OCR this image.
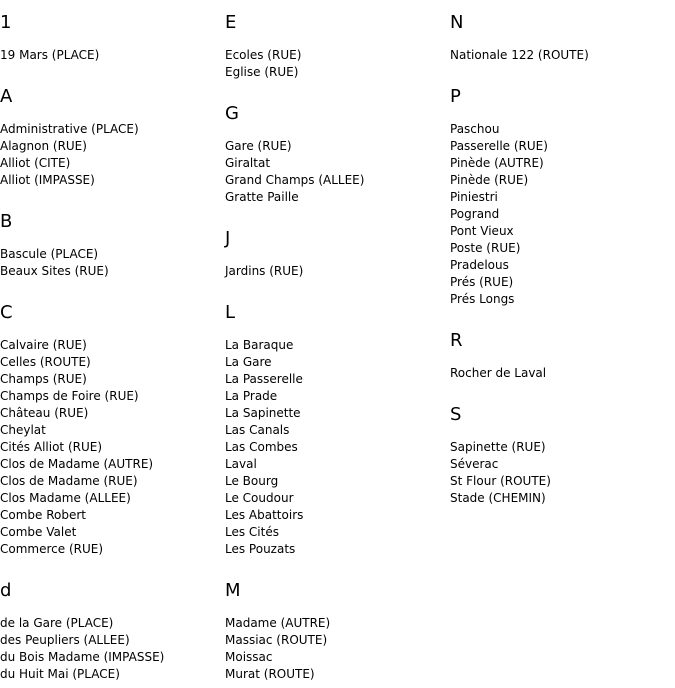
1
19 Mars (PLACE)
A
Administrative (PLACE)
Alagnon (RUE)
Alliot (CITE)
Alliot (IMPASSE)
B
Bascule (PLACE)
Beaux Sites (RUE)
C
Calvaire (RUE)
Celles (ROUTE)
Champs (RUE)
Champs de Foire (RUE)
Château (RUE)
Cheylat
Cités Alliot (RUE)
Clos de Madame (AUTRE)
Clos de Madame (RUE)
Clos Madame (ALLEE)
Combe Robert
Combe Valet
Commerce (RUE)
d
de la Gare (PLACE)
des Peupliers (ALLEE)
du Bois Madame (IMPASSE)
du Huit Mai (PLACE)
E
Ecoles (RUE)
Eglise (RUE)
G
Gare (RUE)
Giraltat
Grand Champs (ALLEE)
Gratte Paille
J
Jardins (RUE)
L
La Baraque
La Gare
La Passerelle
La Prade
La Sapinette
Las Canals
Las Combes
Laval
Le Bourg
Le Coudour
Les Abattoirs
Les Cités
Les Pouzats
M
Madame (AUTRE)
Massiac (ROUTE)
Moissac
Murat (ROUTE)
N
Nationale 122 (ROUTE)
P
Paschou
Passerelle (RUE)
Pinède (AUTRE)
Pinède (RUE)
Piniestri
Pogrand
Pont Vieux
Poste (RUE)
Pradelous
Prés (RUE)
Prés Longs
R
Rocher de Laval
S
Sapinette (RUE)
Séverac
St Flour (ROUTE)
Stade (CHEMIN)
